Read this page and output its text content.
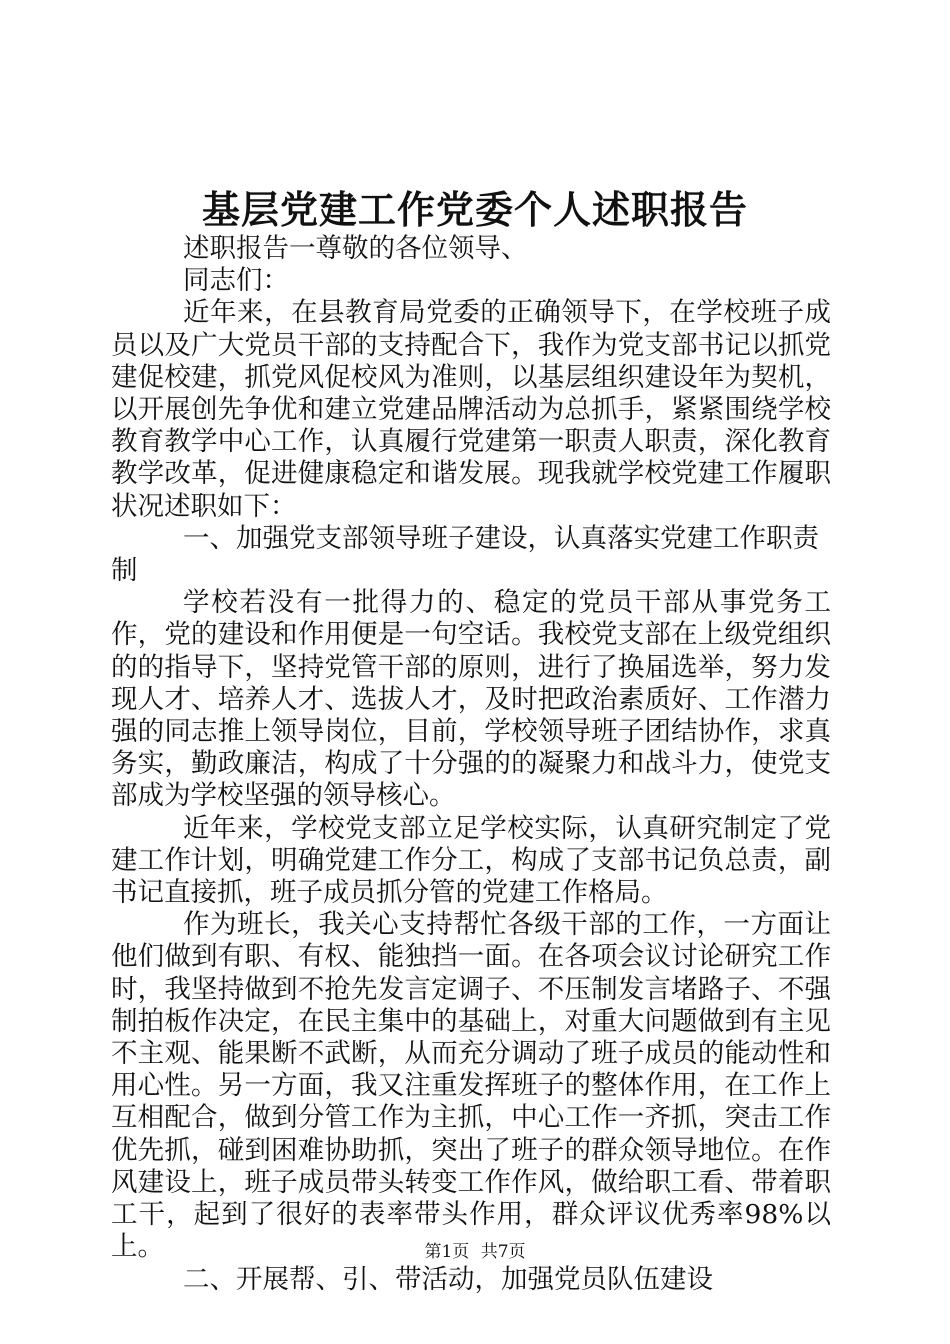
基层党建工作党委个人述职报告

述职报告一尊敬的各位领导、

同志们：

近年来，在县教育局党委的正确领导下，在学校班子成员以及广大党员干部的支持配合下，我作为党支部书记以抓党建促校建，抓党风促校风为准则，以基层组织建设年为契机，以开展创先争优和建立党建品牌活动为总抓手，紧紧围绕学校教育教学中心工作，认真履行党建第一职责人职责，深化教育教学改革，促进健康稳定和谐发展。现我就学校党建工作履职状况述职如下：

一、加强党支部领导班子建设，认真落实党建工作职责制

学校若没有一批得力的、稳定的党员干部从事党务工作，党的建设和作用便是一句空话。我校党支部在上级党组织的的指导下，坚持党管干部的原则，进行了换届选举，努力发现人才、培养人才、选拔人才，及时把政治素质好、工作潜力强的同志推上领导岗位，目前，学校领导班子团结协作，求真务实，勤政廉洁，构成了十分强的的凝聚力和战斗力，使党支部成为学校坚强的领导核心。

近年来，学校党支部立足学校实际，认真研究制定了党建工作计划，明确党建工作分工，构成了支部书记负总责，副书记直接抓，班子成员抓分管的党建工作格局。

作为班长，我关心支持帮忙各级干部的工作，一方面让他们做到有职、有权、能独挡一面。在各项会议讨论研究工作时，我坚持做到不抢先发言定调子、不压制发言堵路子、不强制拍板作决定，在民主集中的基础上，对重大问题做到有主见不主观、能果断不武断，从而充分调动了班子成员的能动性和用心性。另一方面，我又注重发挥班子的整体作用，在工作上互相配合，做到分管工作为主抓，中心工作一齐抓，突击工作优先抓，碰到困难协助抓，突出了班子的群众领导地位。在作风建设上，班子成员带头转变工作作风，做给职工看、带着职工干，起到了很好的表率带头作用，群众评议优秀率98%以上。

二、开展帮、引、带活动，加强党员队伍建设

第1页 共7页
